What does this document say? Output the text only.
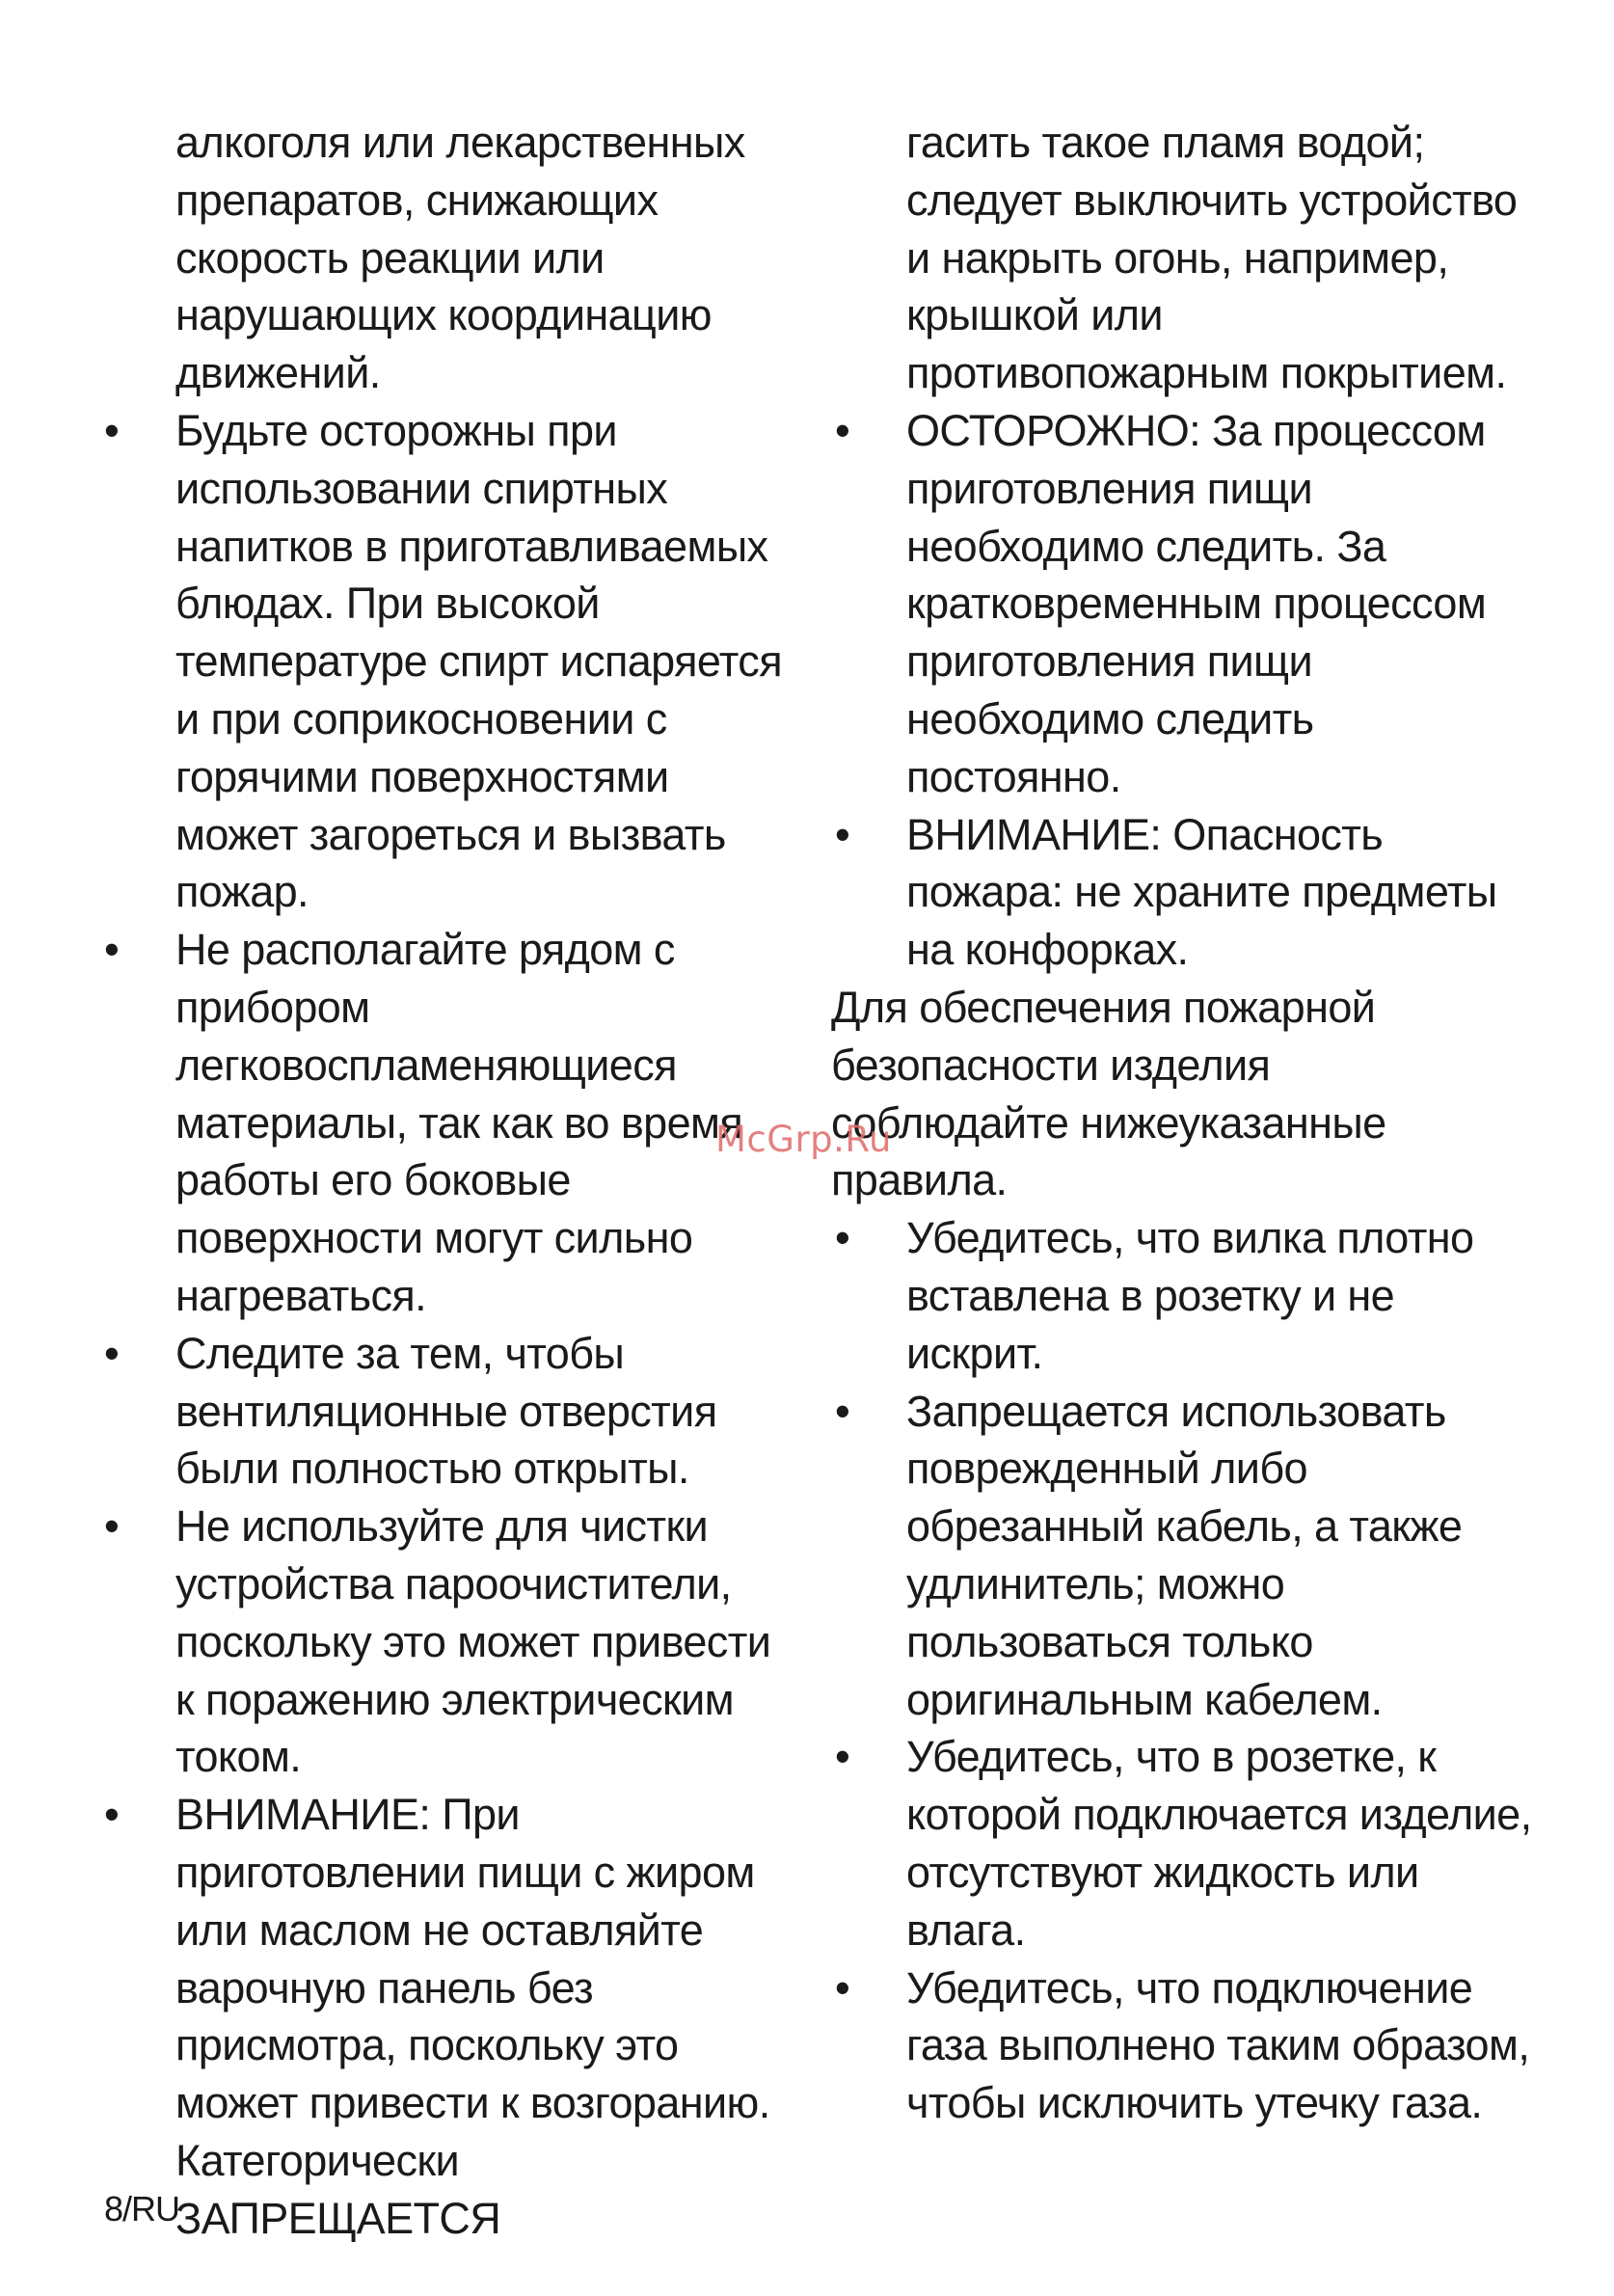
алкоголя или лекарственных
препаратов, снижающих
скорость реакции или
нарушающих координацию
движений.

• Будьте осторожны при
использовании спиртных
напитков в приготавливаемых
блюдах. При высокой
температуре спирт испаряется
и при соприкосновении с
горячими поверхностями
может загореться и вызвать
пожар.
• Не располагайте рядом с
прибором
легковоспламеняющиеся
материалы, так как во время
работы его боковые
поверхности могут сильно
нагреваться.
• Следите за тем, чтобы
вентиляционные отверстия
были полностью открыты.
• Не используйте для чистки
устройства пароочистители,
поскольку это может привести
к поражению электрическим
током.
• ВНИМАНИЕ: При
приготовлении пищи с жиром
или маслом не оставляйте
варочную панель без
присмотра, поскольку это
может привести к возгоранию.
Категорически ЗАПРЕЩАЕТСЯ

гасить такое пламя водой;
следует выключить устройство
и накрыть огонь, например,
крышкой или
противопожарным покрытием.

• ОСТОРОЖНО: За процессом
приготовления пищи
необходимо следить. За
кратковременным процессом
приготовления пищи
необходимо следить
постоянно.
• ВНИМАНИЕ: Опасность
пожара: не храните предметы
на конфорках.

Для обеспечения пожарной
безопасности изделия
соблюдайте нижеуказанные
правила.

• Убедитесь, что вилка плотно
вставлена в розетку и не
искрит.
• Запрещается использовать
поврежденный либо
обрезанный кабель, а также
удлинитель; можно
пользоваться только
оригинальным кабелем.
• Убедитесь, что в розетке, к
которой подключается изделие,
отсутствуют жидкость или
влага.
• Убедитесь, что подключение
газа выполнено таким образом,
чтобы исключить утечку газа.
McGrp.Ru
8/RU
